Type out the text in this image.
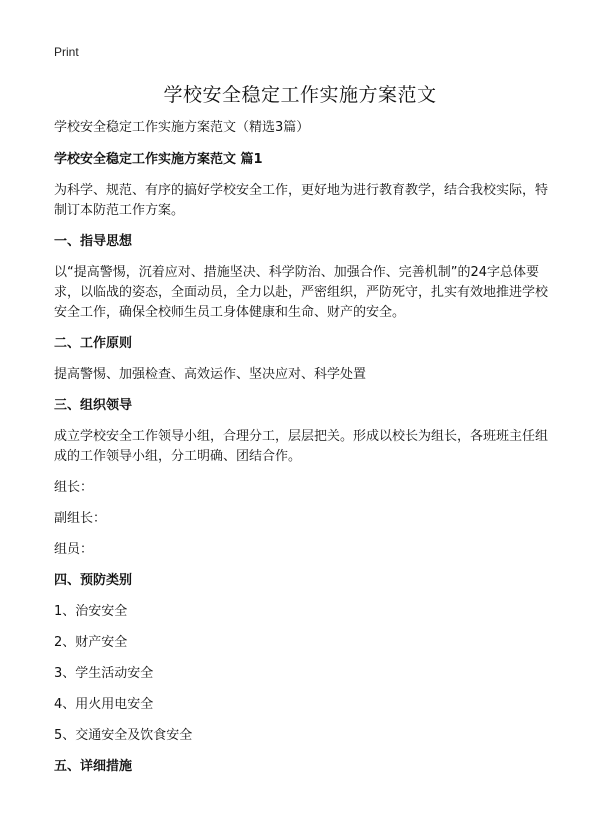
Print
学校安全稳定工作实施方案范文

学校安全稳定工作实施方案范文（精选3篇）

学校安全稳定工作实施方案范文 篇1

为科学、规范、有序的搞好学校安全工作，更好地为进行教育教学，结合我校实际，特制订本防范工作方案。

一、指导思想

以“提高警惕，沉着应对、措施坚决、科学防治、加强合作、完善机制”的24字总体要求，以临战的姿态，全面动员，全力以赴，严密组织，严防死守，扎实有效地推进学校安全工作，确保全校师生员工身体健康和生命、财产的安全。

二、工作原则

提高警惕、加强检查、高效运作、坚决应对、科学处置

三、组织领导

成立学校安全工作领导小组，合理分工，层层把关。形成以校长为组长，各班班主任组成的工作领导小组，分工明确、团结合作。

组长：

副组长：

组员：

四、预防类别

1、治安安全

2、财产安全

3、学生活动安全

4、用火用电安全

5、交通安全及饮食安全

五、详细措施
